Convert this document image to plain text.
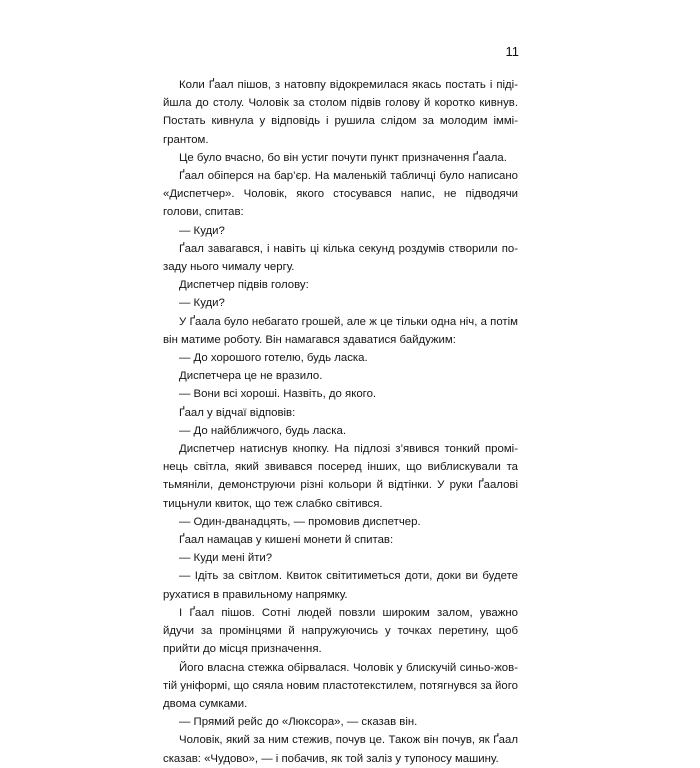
11

Коли Ґаал пішов, з натовпу відокремилася якась постать і підійшла до столу. Чоловік за столом підвів голову й коротко кивнув. Постать кивнула у відповідь і рушила слідом за молодим іммігрантом.

Це було вчасно, бо він устиг почути пункт призначення Ґаала.

Ґаал обіперся на бар’єр. На маленькій табличці було написано «Диспетчер». Чоловік, якого стосувався напис, не підводячи голови, спитав:

— Куди?

Ґаал завагався, і навіть ці кілька секунд роздумів створили позаду нього чималу чергу.

Диспетчер підвів голову:

— Куди?

У Ґаала було небагато грошей, але ж це тільки одна ніч, а потім він матиме роботу. Він намагався здаватися байдужим:

— До хорошого готелю, будь ласка.

Диспетчера це не вразило.

— Вони всі хороші. Назвіть, до якого.

Ґаал у відчаї відповів:

— До найближчого, будь ласка.

Диспетчер натиснув кнопку. На підлозі з’явився тонкий промінець світла, який звивався посеред інших, що виблискували та тьмяніли, демонструючи різні кольори й відтінки. У руки Ґаалові тицьнули квиток, що теж слабко світився.

— Один-дванадцять, — промовив диспетчер.

Ґаал намацав у кишені монети й спитав:

— Куди мені йти?

— Ідіть за світлом. Квиток світитиметься доти, доки ви будете рухатися в правильному напрямку.

І Ґаал пішов. Сотні людей повзли широким залом, уважно йдучи за промінцями й напружуючись у точках перетину, щоб прийти до місця призначення.

Його власна стежка обірвалася. Чоловік у блискучій синьо-жовтій уніформі, що сяяла новим пластотекстилем, потягнувся за його двома сумками.

— Прямий рейс до «Люксора», — сказав він.

Чоловік, який за ним стежив, почув це. Також він почув, як Ґаал сказав: «Чудово», — і побачив, як той заліз у тупоносу машину.
